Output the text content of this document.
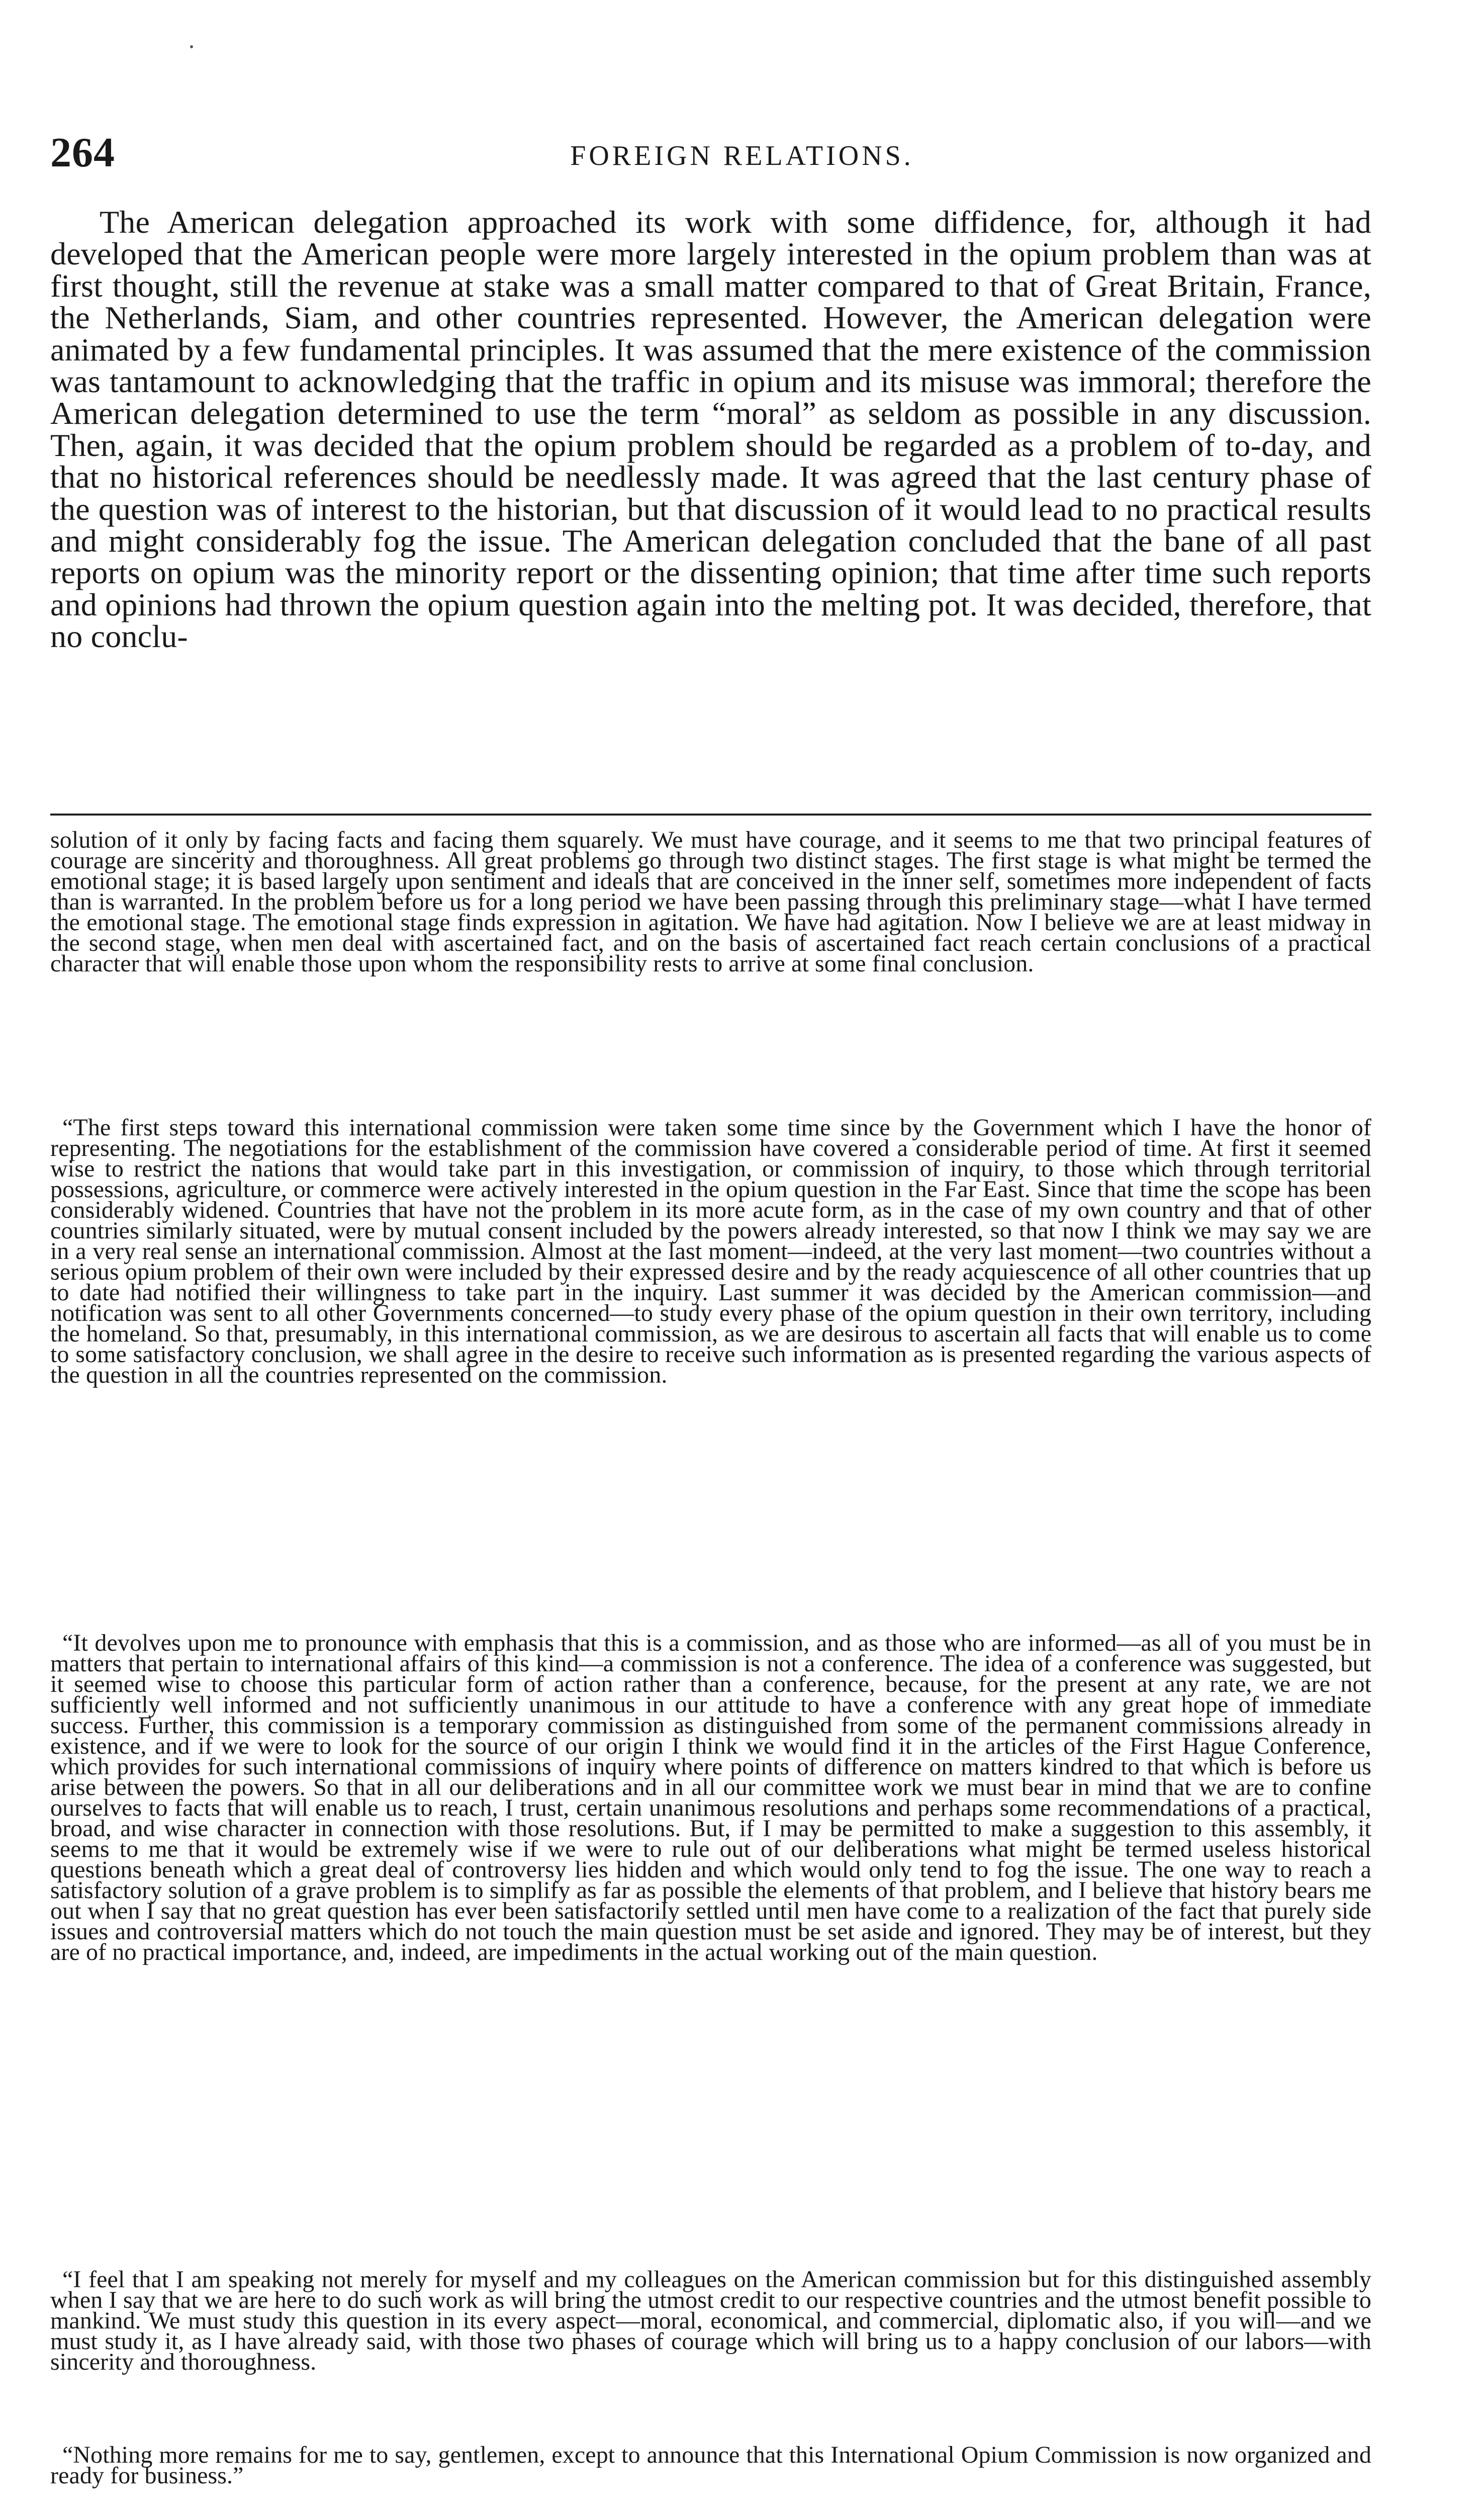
264	FOREIGN RELATIONS.

The American delegation approached its work with some diffidence, for, although it had developed that the American people were more largely interested in the opium problem than was at first thought, still the revenue at stake was a small matter compared to that of Great Britain, France, the Netherlands, Siam, and other countries represented. However, the American delegation were animated by a few fundamental principles. It was assumed that the mere existence of the commission was tantamount to acknowledging that the traffic in opium and its misuse was immoral; therefore the American delegation determined to use the term “moral” as seldom as possible in any discussion. Then, again, it was decided that the opium problem should be regarded as a problem of to-day, and that no historical references should be needlessly made. It was agreed that the last century phase of the question was of interest to the historian, but that discussion of it would lead to no practical results and might considerably fog the issue. The American delegation concluded that the bane of all past reports on opium was the minority report or the dissenting opinion; that time after time such reports and opinions had thrown the opium question again into the melting pot. It was decided, therefore, that no conclu-

solution of it only by facing facts and facing them squarely. We must have courage, and it seems to me that two principal features of courage are sincerity and thoroughness. All great problems go through two distinct stages. The first stage is what might be termed the emotional stage; it is based largely upon sentiment and ideals that are conceived in the inner self, sometimes more independent of facts than is warranted. In the problem before us for a long period we have been passing through this preliminary stage—what I have termed the emotional stage. The emotional stage finds expression in agitation. We have had agitation. Now I believe we are at least midway in the second stage, when men deal with ascertained fact, and on the basis of ascertained fact reach certain conclusions of a practical character that will enable those upon whom the responsibility rests to arrive at some final conclusion.

“The first steps toward this international commission were taken some time since by the Government which I have the honor of representing. The negotiations for the establishment of the commission have covered a considerable period of time. At first it seemed wise to restrict the nations that would take part in this investigation, or commission of inquiry, to those which through territorial possessions, agriculture, or commerce were actively interested in the opium question in the Far East. Since that time the scope has been considerably widened. Countries that have not the problem in its more acute form, as in the case of my own country and that of other countries similarly situated, were by mutual consent included by the powers already interested, so that now I think we may say we are in a very real sense an international commission. Almost at the last moment—indeed, at the very last moment—two countries without a serious opium problem of their own were included by their expressed desire and by the ready acquiescence of all other countries that up to date had notified their willingness to take part in the inquiry. Last summer it was decided by the American commission—and notification was sent to all other Governments concerned—to study every phase of the opium question in their own territory, including the homeland. So that, presumably, in this international commission, as we are desirous to ascertain all facts that will enable us to come to some satisfactory conclusion, we shall agree in the desire to receive such information as is presented regarding the various aspects of the question in all the countries represented on the commission.

“It devolves upon me to pronounce with emphasis that this is a commission, and as those who are informed—as all of you must be in matters that pertain to international affairs of this kind—a commission is not a conference. The idea of a conference was suggested, but it seemed wise to choose this particular form of action rather than a conference, because, for the present at any rate, we are not sufficiently well informed and not sufficiently unanimous in our attitude to have a conference with any great hope of immediate success. Further, this commission is a temporary commission as distinguished from some of the permanent commissions already in existence, and if we were to look for the source of our origin I think we would find it in the articles of the First Hague Conference, which provides for such international commissions of inquiry where points of difference on matters kindred to that which is before us arise between the powers. So that in all our deliberations and in all our committee work we must bear in mind that we are to confine ourselves to facts that will enable us to reach, I trust, certain unanimous resolutions and perhaps some recommendations of a practical, broad, and wise character in connection with those resolutions. But, if I may be permitted to make a suggestion to this assembly, it seems to me that it would be extremely wise if we were to rule out of our deliberations what might be termed useless historical questions beneath which a great deal of controversy lies hidden and which would only tend to fog the issue. The one way to reach a satisfactory solution of a grave problem is to simplify as far as possible the elements of that problem, and I believe that history bears me out when I say that no great question has ever been satisfactorily settled until men have come to a realization of the fact that purely side issues and controversial matters which do not touch the main question must be set aside and ignored. They may be of interest, but they are of no practical importance, and, indeed, are impediments in the actual working out of the main question.

“I feel that I am speaking not merely for myself and my colleagues on the American commission but for this distinguished assembly when I say that we are here to do such work as will bring the utmost credit to our respective countries and the utmost benefit possible to mankind. We must study this question in its every aspect—moral, economical, and commercial, diplomatic also, if you will—and we must study it, as I have already said, with those two phases of courage which will bring us to a happy conclusion of our labors—with sincerity and thoroughness.

“Nothing more remains for me to say, gentlemen, except to announce that this International Opium Commission is now organized and ready for business.”
